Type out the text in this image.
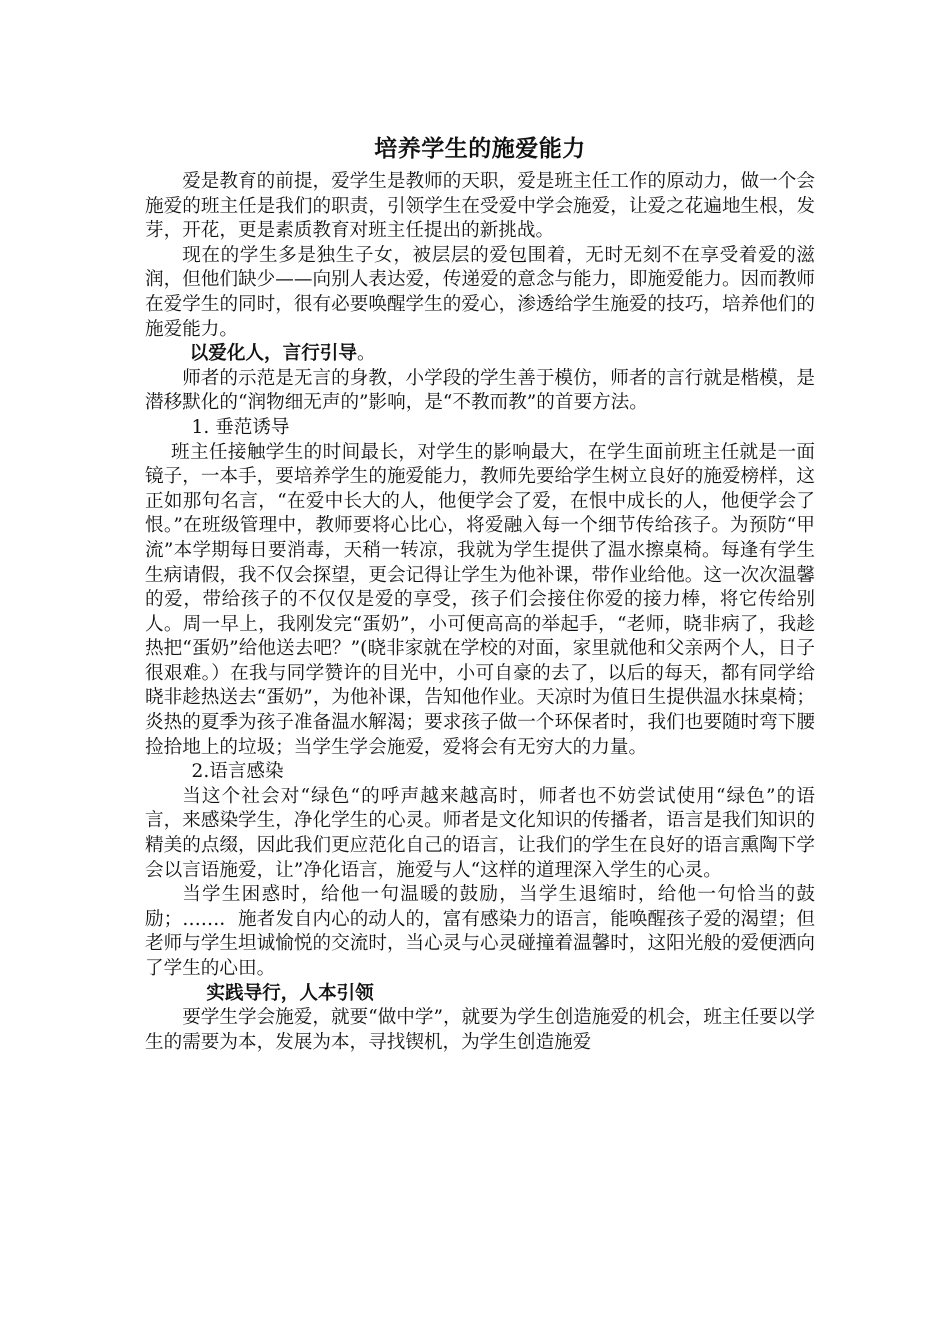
培养学生的施爱能力

爱是教育的前提，爱学生是教师的天职，爱是班主任工作的原动力，做一个会施爱的班主任是我们的职责，引领学生在受爱中学会施爱，让爱之花遍地生根，发芽，开花，更是素质教育对班主任提出的新挑战。

现在的学生多是独生子女，被层层的爱包围着，无时无刻不在享受着爱的滋润，但他们缺少——向别人表达爱，传递爱的意念与能力，即施爱能力。因而教师在爱学生的同时，很有必要唤醒学生的爱心，渗透给学生施爱的技巧，培养他们的施爱能力。

以爱化人，言行引导。

师者的示范是无言的身教，小学段的学生善于模仿，师者的言行就是楷模，是潜移默化的“润物细无声的”影响，是“不教而教”的首要方法。

1. 垂范诱导

班主任接触学生的时间最长，对学生的影响最大，在学生面前班主任就是一面镜子，一本手，要培养学生的施爱能力，教师先要给学生树立良好的施爱榜样，这正如那句名言，“在爱中长大的人，他便学会了爱，在恨中成长的人，他便学会了恨。”在班级管理中，教师要将心比心，将爱融入每一个细节传给孩子。为预防“甲流”本学期每日要消毒，天稍一转凉，我就为学生提供了温水擦桌椅。每逢有学生生病请假，我不仅会探望，更会记得让学生为他补课，带作业给他。这一次次温馨的爱，带给孩子的不仅仅是爱的享受，孩子们会接住你爱的接力棒，将它传给别人。周一早上，我刚发完“蛋奶”，小可便高高的举起手，“老师，晓非病了，我趁热把“蛋奶”给他送去吧？”(晓非家就在学校的对面，家里就他和父亲两个人，日子很艰难。）在我与同学赞许的目光中，小可自豪的去了，以后的每天，都有同学给晓非趁热送去“蛋奶”，为他补课，告知他作业。天凉时为值日生提供温水抹桌椅；炎热的夏季为孩子准备温水解渴；要求孩子做一个环保者时，我们也要随时弯下腰捡拾地上的垃圾；当学生学会施爱，爱将会有无穷大的力量。

2.语言感染

当这个社会对“绿色“的呼声越来越高时，师者也不妨尝试使用“绿色”的语言，来感染学生，净化学生的心灵。师者是文化知识的传播者，语言是我们知识的精美的点缀，因此我们更应范化自己的语言，让我们的学生在良好的语言熏陶下学会以言语施爱，让”净化语言，施爱与人“这样的道理深入学生的心灵。

当学生困惑时，给他一句温暖的鼓励，当学生退缩时，给他一句恰当的鼓励；……．施者发自内心的动人的，富有感染力的语言，能唤醒孩子爱的渴望；但老师与学生坦诚愉悦的交流时，当心灵与心灵碰撞着温馨时，这阳光般的爱便洒向了学生的心田。

实践导行，人本引领

要学生学会施爱，就要“做中学”，就要为学生创造施爱的机会，班主任要以学生的需要为本，发展为本，寻找锲机，为学生创造施爱
